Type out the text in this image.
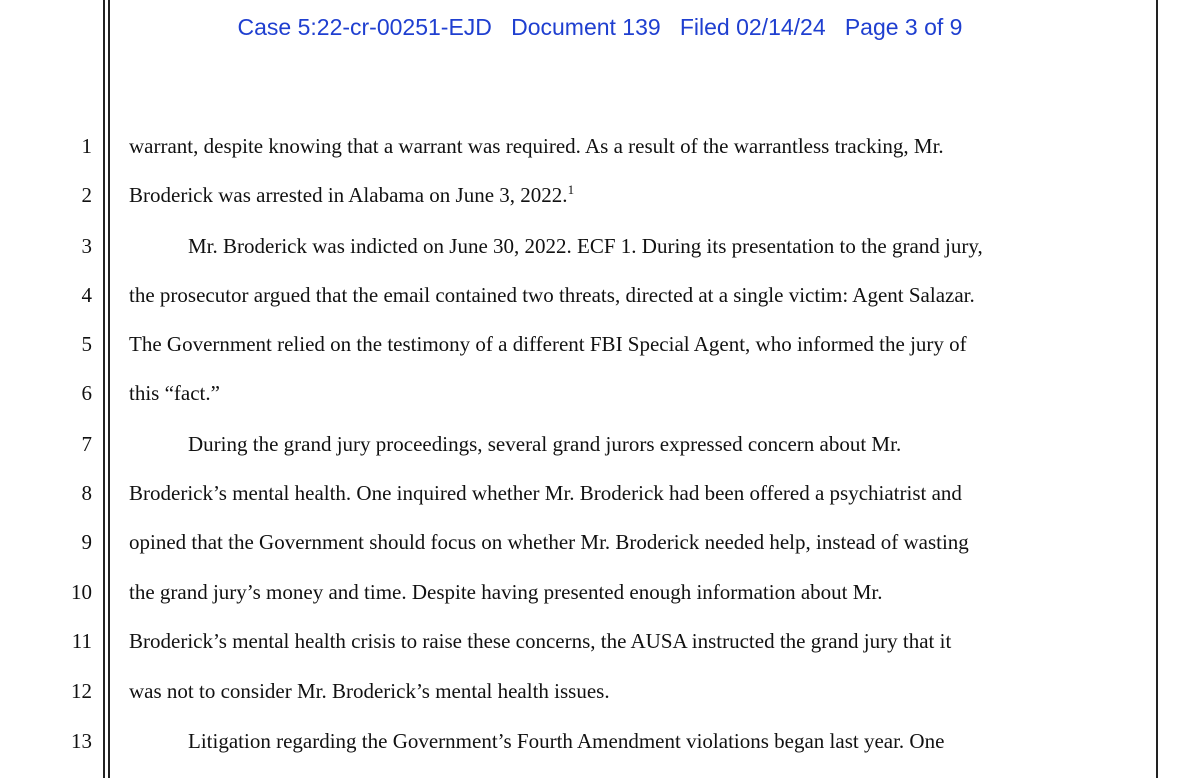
Case 5:22-cr-00251-EJD Document 139 Filed 02/14/24 Page 3 of 9
1 warrant, despite knowing that a warrant was required. As a result of the warrantless tracking, Mr.
2 Broderick was arrested in Alabama on June 3, 2022.$^1$
3	Mr. Broderick was indicted on June 30, 2022. ECF 1. During its presentation to the grand jury,
4 the prosecutor argued that the email contained two threats, directed at a single victim: Agent Salazar.
5 The Government relied on the testimony of a different FBI Special Agent, who informed the jury of
6 this “fact.”
7	During the grand jury proceedings, several grand jurors expressed concern about Mr.
8 Broderick’s mental health. One inquired whether Mr. Broderick had been offered a psychiatrist and
9 opined that the Government should focus on whether Mr. Broderick needed help, instead of wasting
10 the grand jury’s money and time. Despite having presented enough information about Mr.
11 Broderick’s mental health crisis to raise these concerns, the AUSA instructed the grand jury that it
12 was not to consider Mr. Broderick’s mental health issues.
13	Litigation regarding the Government’s Fourth Amendment violations began last year. One
